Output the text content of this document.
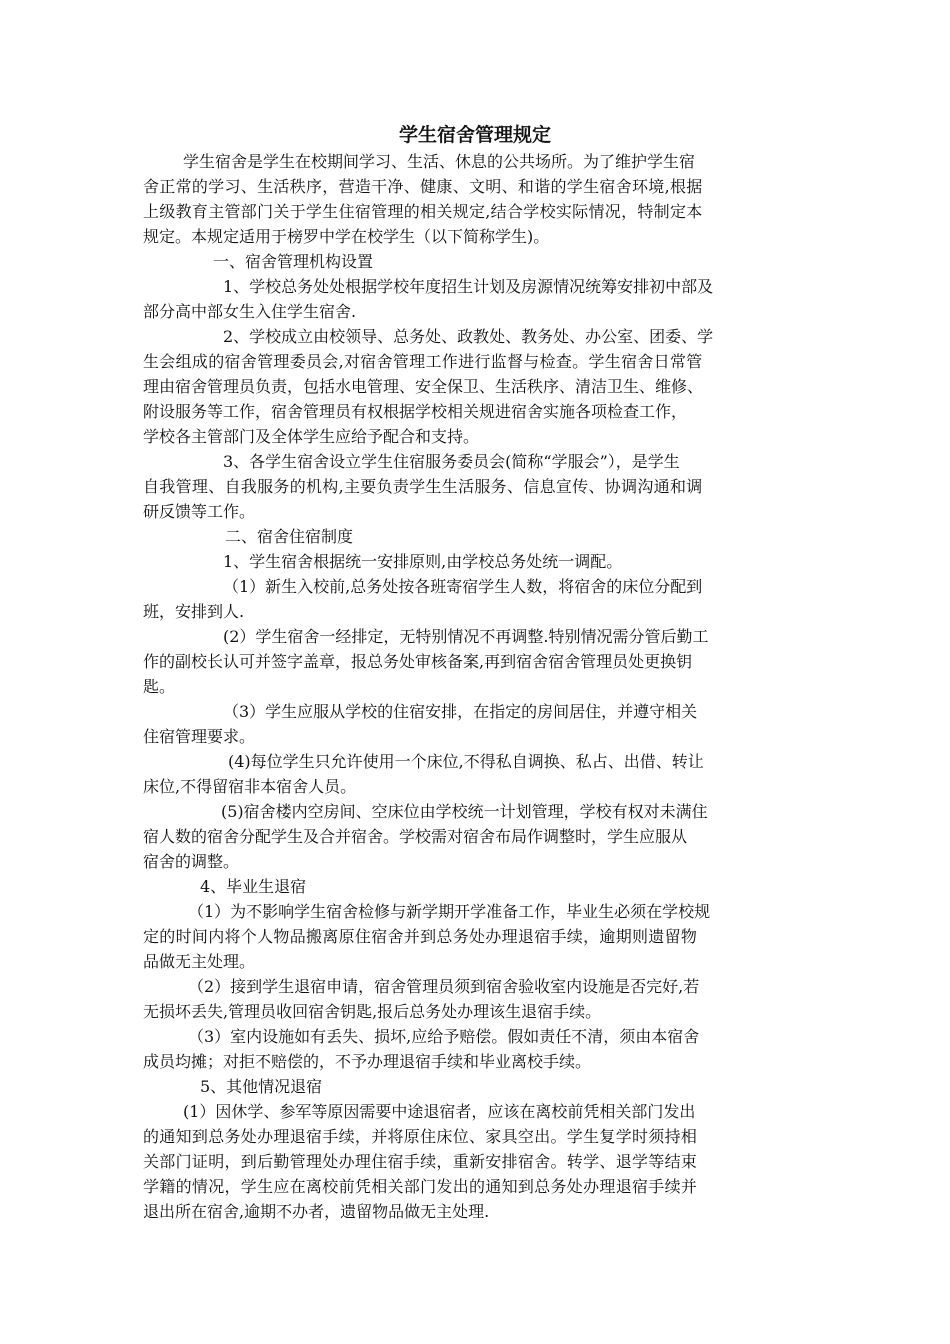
学生宿舍管理规定
学生宿舍是学生在校期间学习、生活、休息的公共场所。为了维护学生宿
舍正常的学习、生活秩序，营造干净、健康、文明、和谐的学生宿舍环境,根据
上级教育主管部门关于学生住宿管理的相关规定,结合学校实际情况，特制定本
规定。本规定适用于榜罗中学在校学生（以下简称学生)。
一、宿舍管理机构设置
1、学校总务处处根据学校年度招生计划及房源情况统筹安排初中部及
部分高中部女生入住学生宿舍.
2、学校成立由校领导、总务处、政教处、教务处、办公室、团委、学
生会组成的宿舍管理委员会,对宿舍管理工作进行监督与检查。学生宿舍日常管
理由宿舍管理员负责，包括水电管理、安全保卫、生活秩序、清洁卫生、维修、
附设服务等工作，宿舍管理员有权根据学校相关规进宿舍实施各项检查工作，
学校各主管部门及全体学生应给予配合和支持。
3、各学生宿舍设立学生住宿服务委员会(简称“学服会”），是学生
自我管理、自我服务的机构,主要负责学生生活服务、信息宣传、协调沟通和调
研反馈等工作。
二、宿舍住宿制度
1、学生宿舍根据统一安排原则,由学校总务处统一调配。
（1）新生入校前,总务处按各班寄宿学生人数，将宿舍的床位分配到
班，安排到人.
(2）学生宿舍一经排定，无特别情况不再调整.特别情况需分管后勤工
作的副校长认可并签字盖章，报总务处审核备案,再到宿舍宿舍管理员处更换钥
匙。
（3）学生应服从学校的住宿安排，在指定的房间居住，并遵守相关
住宿管理要求。
(4)每位学生只允许使用一个床位,不得私自调换、私占、出借、转让
床位,不得留宿非本宿舍人员。
(5)宿舍楼内空房间、空床位由学校统一计划管理，学校有权对未满住
宿人数的宿舍分配学生及合并宿舍。学校需对宿舍布局作调整时，学生应服从
宿舍的调整。
4、毕业生退宿
（1）为不影响学生宿舍检修与新学期开学准备工作，毕业生必须在学校规
定的时间内将个人物品搬离原住宿舍并到总务处办理退宿手续，逾期则遗留物
品做无主处理。
（2）接到学生退宿申请，宿舍管理员须到宿舍验收室内设施是否完好,若
无损坏丢失,管理员收回宿舍钥匙,报后总务处办理该生退宿手续。
（3）室内设施如有丢失、损坏,应给予赔偿。假如责任不清，须由本宿舍
成员均摊；对拒不赔偿的，不予办理退宿手续和毕业离校手续。
5、其他情况退宿
(1）因休学、参军等原因需要中途退宿者，应该在离校前凭相关部门发出
的通知到总务处办理退宿手续，并将原住床位、家具空出。学生复学时须持相
关部门证明，到后勤管理处办理住宿手续，重新安排宿舍。转学、退学等结束
学籍的情况，学生应在离校前凭相关部门发出的通知到总务处办理退宿手续并
退出所在宿舍,逾期不办者，遗留物品做无主处理.
